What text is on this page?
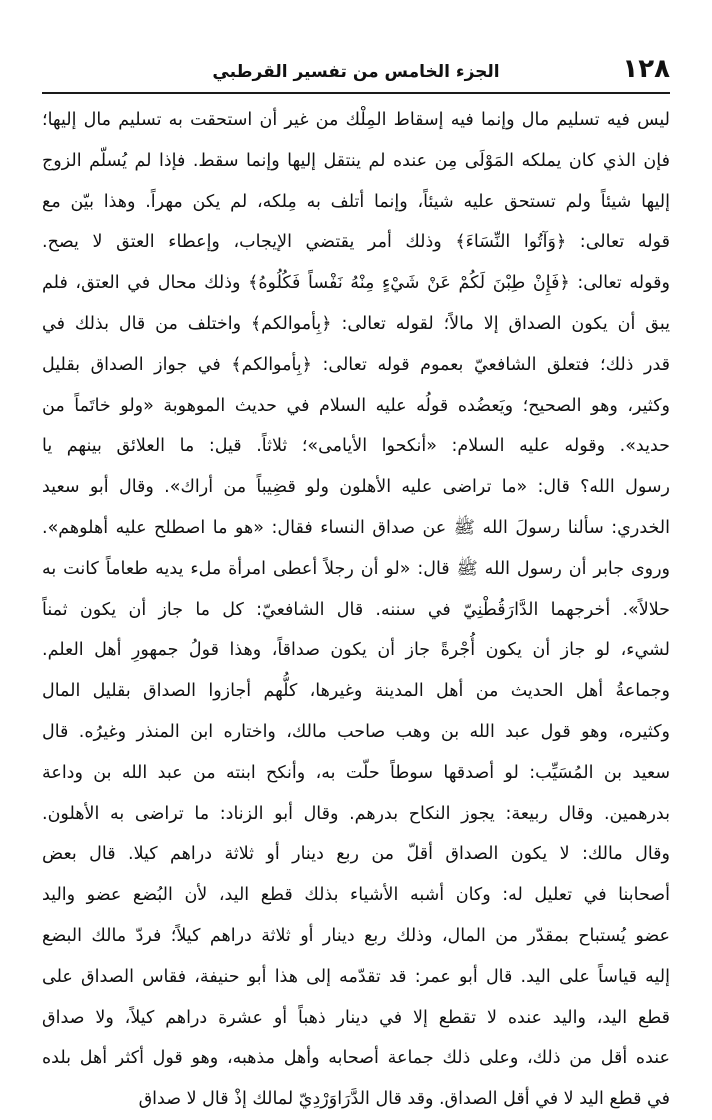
١٢٨
الجزء الخامس من تفسير القرطبي
ليس فيه تسليم مال وإنما فيه إسقاط المِلْك من غير أن استحقت به تسليم مال إليها؛
فإن الذي كان يملكه المَوْلَى مِن عنده لم ينتقل إليها وإنما سقط. فإذا لم يُسلّم الزوج
إليها شيئاً ولم تستحق عليه شيئاً، وإنما أتلف به مِلكه، لم يكن مهراً. وهذا بيّن مع
قوله تعالى: ﴿وَآتُوا النِّسَاءَ﴾ وذلك أمر يقتضي الإيجاب، وإعطاء العتق لا يصح.
وقوله تعالى: ﴿فَإِنْ طِبْنَ لَكُمْ عَنْ شَيْءٍ مِنْهُ نَفْساً فَكُلُوهُ﴾ وذلك محال في العتق، فلم
يبق أن يكون الصداق إلا مالاً؛ لقوله تعالى: ﴿بِأموالكم﴾ واختلف من قال بذلك في
قدر ذلك؛ فتعلق الشافعيّ بعموم قوله تعالى: ﴿بِأموالكم﴾ في جواز الصداق بقليل
وكثير، وهو الصحيح؛ ويَعضُده قولُه عليه السلام في حديث الموهوبة «ولو خاتَماً من
حديد». وقوله عليه السلام: «أنكحوا الأيامى»؛ ثلاثاً. قيل: ما العلائق بينهم يا
رسول الله؟ قال: «ما تراضى عليه الأهلون ولو قضِيباً من أراك». وقال أبو سعيد
الخدري: سألنا رسولَ الله ﷺ عن صداق النساء فقال: «هو ما اصطلح عليه أهلوهم».
وروى جابر أن رسول الله ﷺ قال: «لو أن رجلاً أعطى امرأة ملء يديه طعاماً كانت به
حلالاً». أخرجهما الدَّارَقُطْنِيّ في سننه. قال الشافعيّ: كل ما جاز أن يكون ثمناً
لشيء، لو جاز أن يكون أُجْرةً جاز أن يكون صداقاً، وهذا قولُ جمهورِ أهل العلم.
وجماعةُ أهل الحديث من أهل المدينة وغيرها، كلُّهم أجازوا الصداق بقليل المال
وكثيره، وهو قول عبد الله بن وهب صاحب مالك، واختاره ابن المنذر وغيرُه. قال
سعيد بن المُسَيِّب: لو أصدقها سوطاً حلّت به، وأنكح ابنته من عبد الله بن وداعة
بدرهمين. وقال ربيعة: يجوز النكاح بدرهم. وقال أبو الزناد: ما تراضى به الأهلون.
وقال مالك: لا يكون الصداق أقلّ من ربع دينار أو ثلاثة دراهم كيلا. قال بعض
أصحابنا في تعليل له: وكان أشبه الأشياء بذلك قطع اليد، لأن البُضع عضو واليد
عضو يُستباح بمقدّر من المال، وذلك ربع دينار أو ثلاثة دراهم كيلاً؛ فردّ مالك البضع
إليه قياساً على اليد. قال أبو عمر: قد تقدّمه إلى هذا أبو حنيفة، فقاس الصداق على
قطع اليد، واليد عنده لا تقطع إلا في دينار ذهباً أو عشرة دراهم كيلاً، ولا صداق
عنده أقل من ذلك، وعلى ذلك جماعة أصحابه وأهل مذهبه، وهو قول أكثر أهل بلده
في قطع اليد لا في أقل الصداق. وقد قال الدَّرَاوَرْدِيّ لمالك إذْ قال لا صداق
